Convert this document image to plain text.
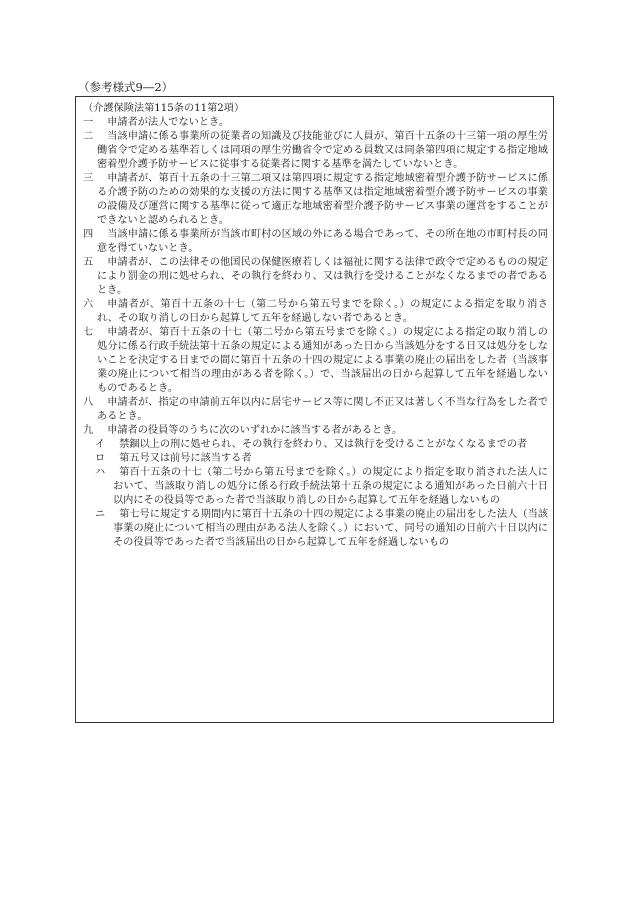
（参考様式9―2）

（介護保険法第115条の11第2項）

一	申請者が法人でないとき。
二	当該申請に係る事業所の従業者の知識及び技能並びに人員が、第百十五条の十三第一項の厚生労働省令で定める基準若しくは同項の厚生労働省令で定める員数又は同条第四項に規定する指定地域密着型介護予防サービスに従事する従業者に関する基準を満たしていないとき。
三	申請者が、第百十五条の十三第二項又は第四項に規定する指定地域密着型介護予防サービスに係る介護予防のための効果的な支援の方法に関する基準又は指定地域密着型介護予防サービスの事業の設備及び運営に関する基準に従って適正な地域密着型介護予防サービス事業の運営をすることができないと認められるとき。
四	当該申請に係る事業所が当該市町村の区域の外にある場合であって、その所在地の市町村長の同意を得ていないとき。
五	申請者が、この法律その他国民の保健医療若しくは福祉に関する法律で政令で定めるものの規定により罰金の刑に処せられ、その執行を終わり、又は執行を受けることがなくなるまでの者であるとき。
六	申請者が、第百十五条の十七（第二号から第五号までを除く。）の規定による指定を取り消され、その取り消しの日から起算して五年を経過しない者であるとき。
七	申請者が、第百十五条の十七（第二号から第五号までを除く。）の規定による指定の取り消しの処分に係る行政手続法第十五条の規定による通知があった日から当該処分をする日又は処分をしないことを決定する日までの間に第百十五条の十四の規定による事業の廃止の届出をした者（当該事業の廃止について相当の理由がある者を除く。）で、当該届出の日から起算して五年を経過しないものであるとき。
八	申請者が、指定の申請前五年以内に居宅サービス等に関し不正又は著しく不当な行為をした者であるとき。
九	申請者の役員等のうちに次のいずれかに該当する者があるとき。
イ	禁錮以上の刑に処せられ、その執行を終わり、又は執行を受けることがなくなるまでの者
ロ	第五号又は前号に該当する者
ハ	第百十五条の十七（第二号から第五号までを除く。）の規定により指定を取り消された法人において、当該取り消しの処分に係る行政手続法第十五条の規定による通知があった日前六十日以内にその役員等であった者で当該取り消しの日から起算して五年を経過しないもの
ニ	第七号に規定する期間内に第百十五条の十四の規定による事業の廃止の届出をした法人（当該事業の廃止について相当の理由がある法人を除く。）において、同号の通知の日前六十日以内にその役員等であった者で当該届出の日から起算して五年を経過しないもの
